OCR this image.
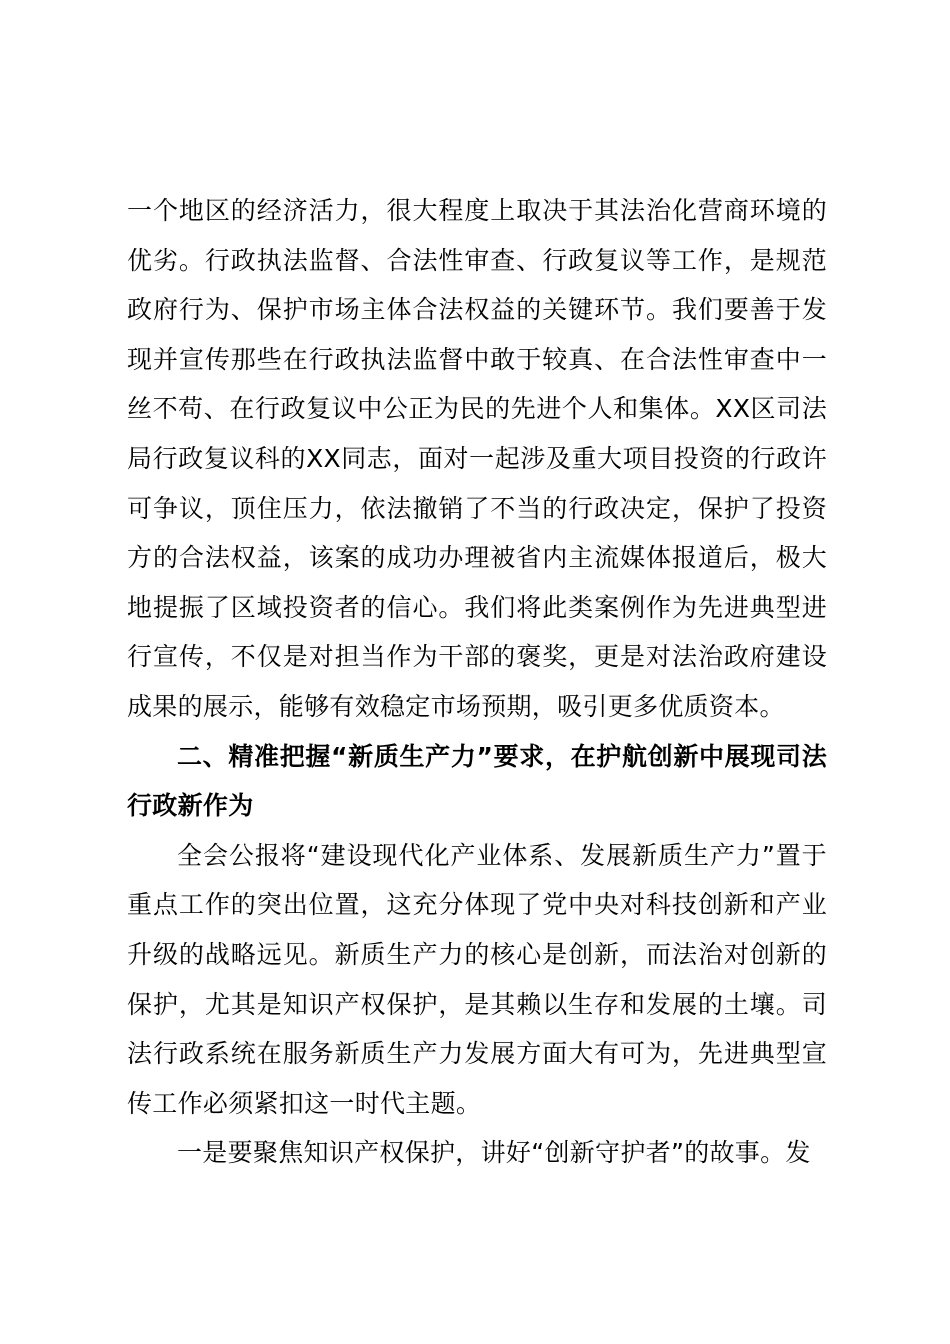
一个地区的经济活力，很大程度上取决于其法治化营商环境的优劣。行政执法监督、合法性审查、行政复议等工作，是规范政府行为、保护市场主体合法权益的关键环节。我们要善于发现并宣传那些在行政执法监督中敢于较真、在合法性审查中一丝不苟、在行政复议中公正为民的先进个人和集体。XX区司法局行政复议科的XX同志，面对一起涉及重大项目投资的行政许可争议，顶住压力，依法撤销了不当的行政决定，保护了投资方的合法权益，该案的成功办理被省内主流媒体报道后，极大地提振了区域投资者的信心。我们将此类案例作为先进典型进行宣传，不仅是对担当作为干部的褒奖，更是对法治政府建设成果的展示，能够有效稳定市场预期，吸引更多优质资本。

二、精准把握“新质生产力”要求，在护航创新中展现司法行政新作为

全会公报将“建设现代化产业体系、发展新质生产力”置于重点工作的突出位置，这充分体现了党中央对科技创新和产业升级的战略远见。新质生产力的核心是创新，而法治对创新的保护，尤其是知识产权保护，是其赖以生存和发展的土壤。司法行政系统在服务新质生产力发展方面大有可为，先进典型宣传工作必须紧扣这一时代主题。

一是要聚焦知识产权保护，讲好“创新守护者”的故事。发
